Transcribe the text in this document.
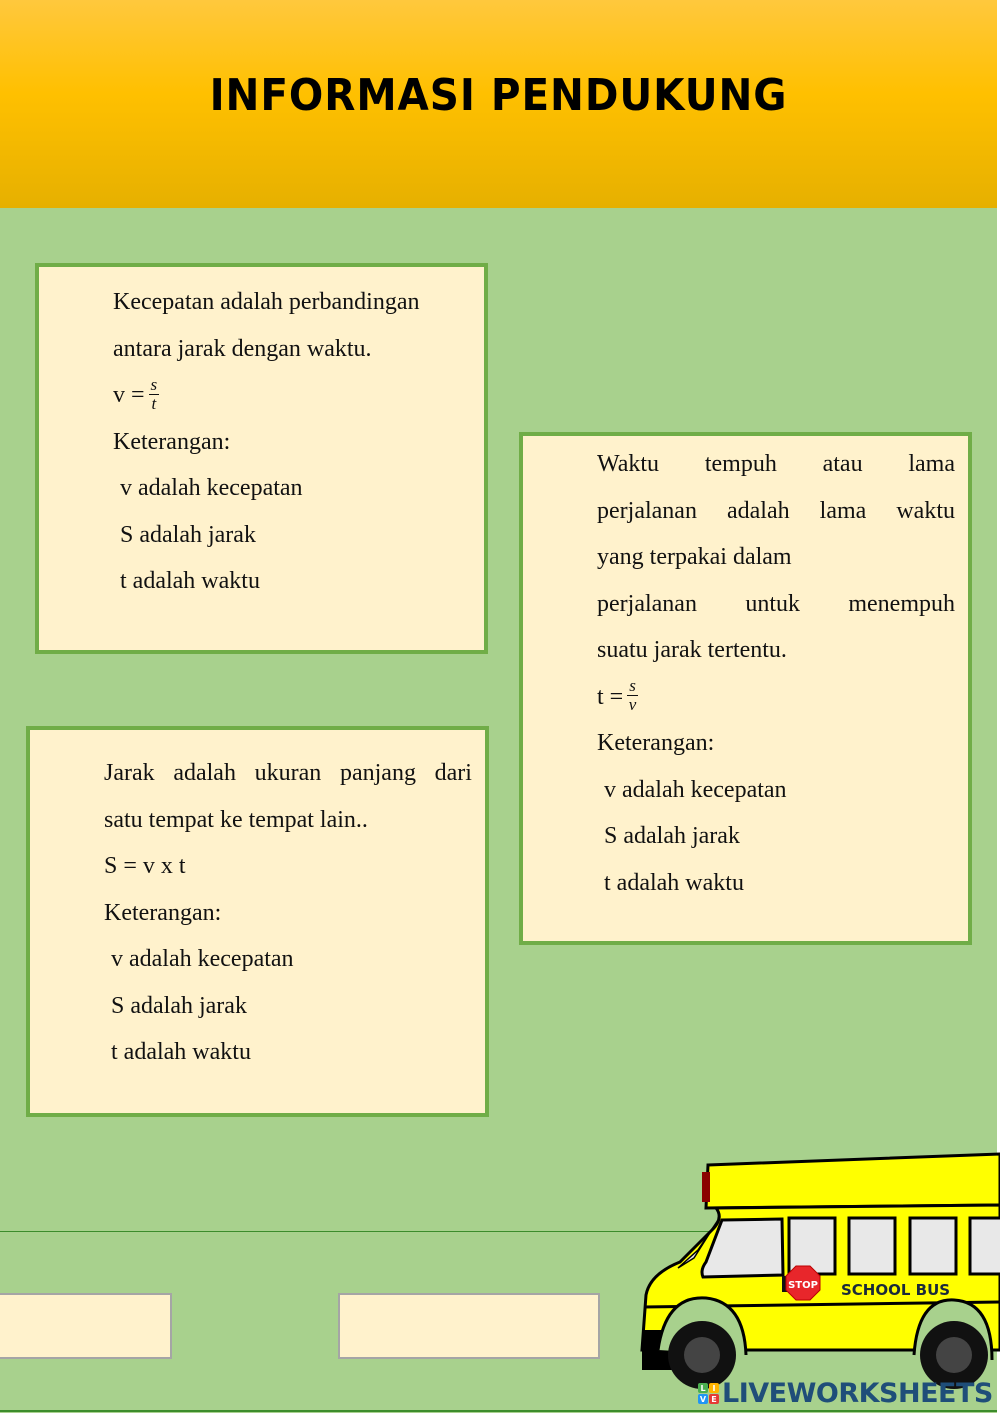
INFORMASI PENDUKUNG
Kecepatan adalah perbandingan
antara jarak dengan waktu.
$v = \frac{s}{t}$
Keterangan:
v adalah kecepatan
S adalah jarak
t adalah waktu
Waktu tempuh atau lama
perjalanan adalah lama waktu
yang terpakai dalam
perjalanan untuk menempuh
suatu jarak tertentu.
$t = \frac{s}{v}$
Keterangan:
v adalah kecepatan
S adalah jarak
t adalah waktu
Jarak adalah ukuran panjang dari
satu tempat ke tempat lain..
S = v x t
Keterangan:
v adalah kecepatan
S adalah jarak
t adalah waktu
STOP SCHOOL BUS
L I
V E LIVEWORKSHEETS
